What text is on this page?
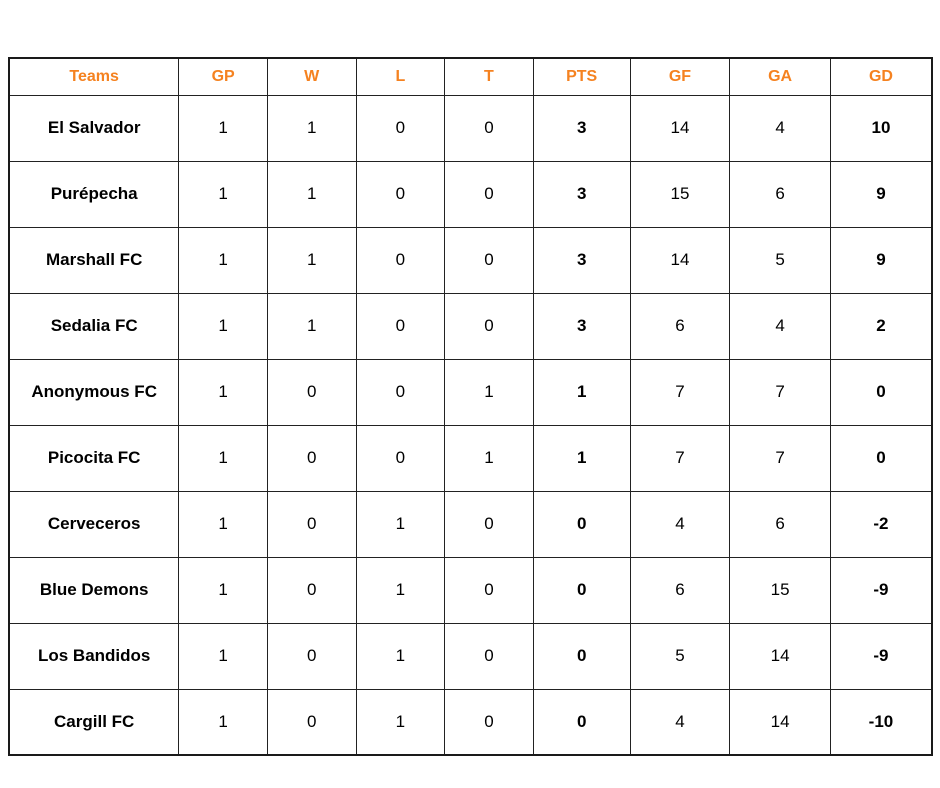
Teams	GP	W	L	T	PTS	GF	GA	GD
El Salvador	1	1	0	0	3	14	4	10
Purépecha	1	1	0	0	3	15	6	9
Marshall FC	1	1	0	0	3	14	5	9
Sedalia FC	1	1	0	0	3	6	4	2
Anonymous FC	1	0	0	1	1	7	7	0
Picocita FC	1	0	0	1	1	7	7	0
Cerveceros	1	0	1	0	0	4	6	-2
Blue Demons	1	0	1	0	0	6	15	-9
Los Bandidos	1	0	1	0	0	5	14	-9
Cargill FC	1	0	1	0	0	4	14	-10
